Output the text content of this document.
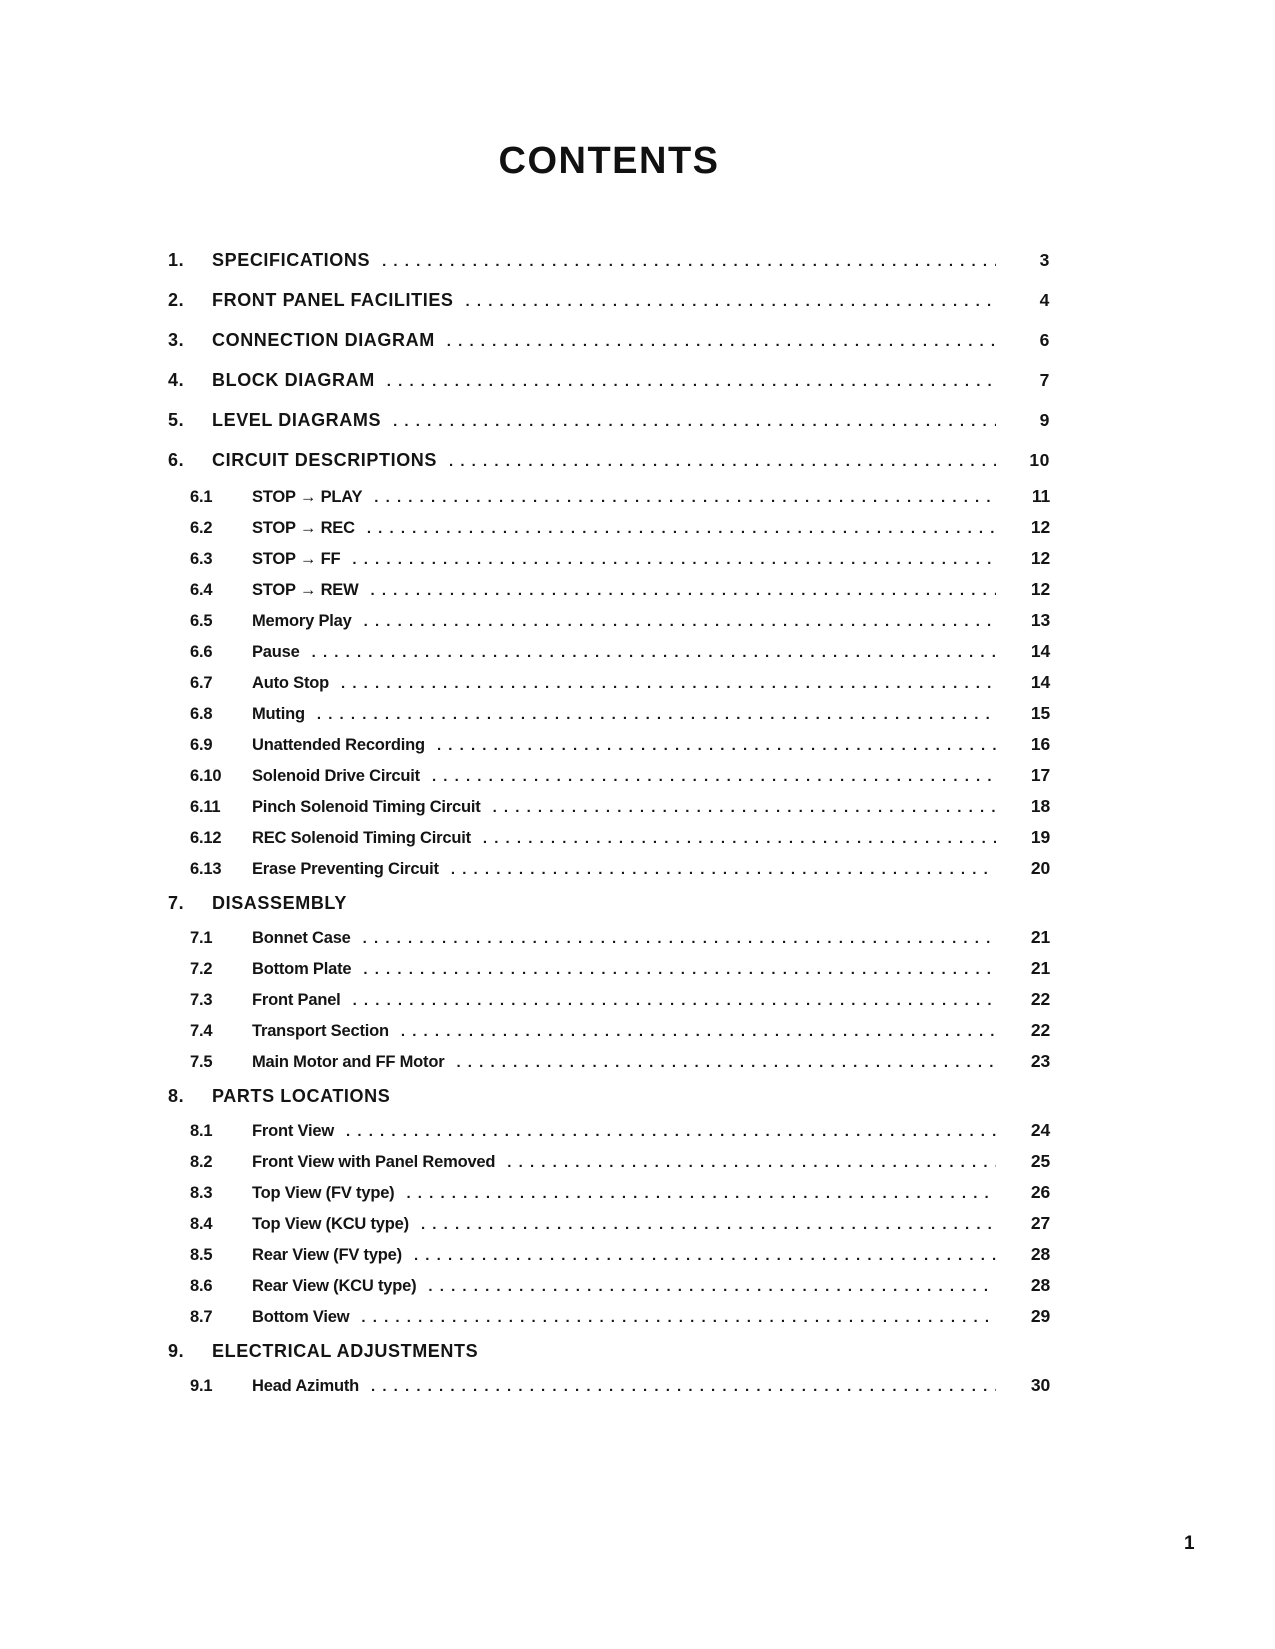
CONTENTS
1.	SPECIFICATIONS . . .	3
2.	FRONT PANEL FACILITIES . . .	4
3.	CONNECTION DIAGRAM . . .	6
4.	BLOCK DIAGRAM . . .	7
5.	LEVEL DIAGRAMS . . .	9
6.	CIRCUIT DESCRIPTIONS . . .	10
6.1	STOP → PLAY . . .	11
6.2	STOP → REC . . .	12
6.3	STOP → FF . . .	12
6.4	STOP → REW . . .	12
6.5	Memory Play . . .	13
6.6	Pause . . .	14
6.7	Auto Stop . . .	14
6.8	Muting . . .	15
6.9	Unattended Recording . . .	16
6.10	Solenoid Drive Circuit . . .	17
6.11	Pinch Solenoid Timing Circuit . . .	18
6.12	REC Solenoid Timing Circuit . . .	19
6.13	Erase Preventing Circuit . . .	20
7.	DISASSEMBLY
7.1	Bonnet Case . . .	21
7.2	Bottom Plate . . .	21
7.3	Front Panel . . .	22
7.4	Transport Section . . .	22
7.5	Main Motor and FF Motor . . .	23
8.	PARTS LOCATIONS
8.1	Front View . . .	24
8.2	Front View with Panel Removed . . .	25
8.3	Top View (FV type) . . .	26
8.4	Top View (KCU type) . . .	27
8.5	Rear View (FV type) . . .	28
8.6	Rear View (KCU type) . . .	28
8.7	Bottom View . . .	29
9.	ELECTRICAL ADJUSTMENTS
9.1	Head Azimuth . . .	30
1
